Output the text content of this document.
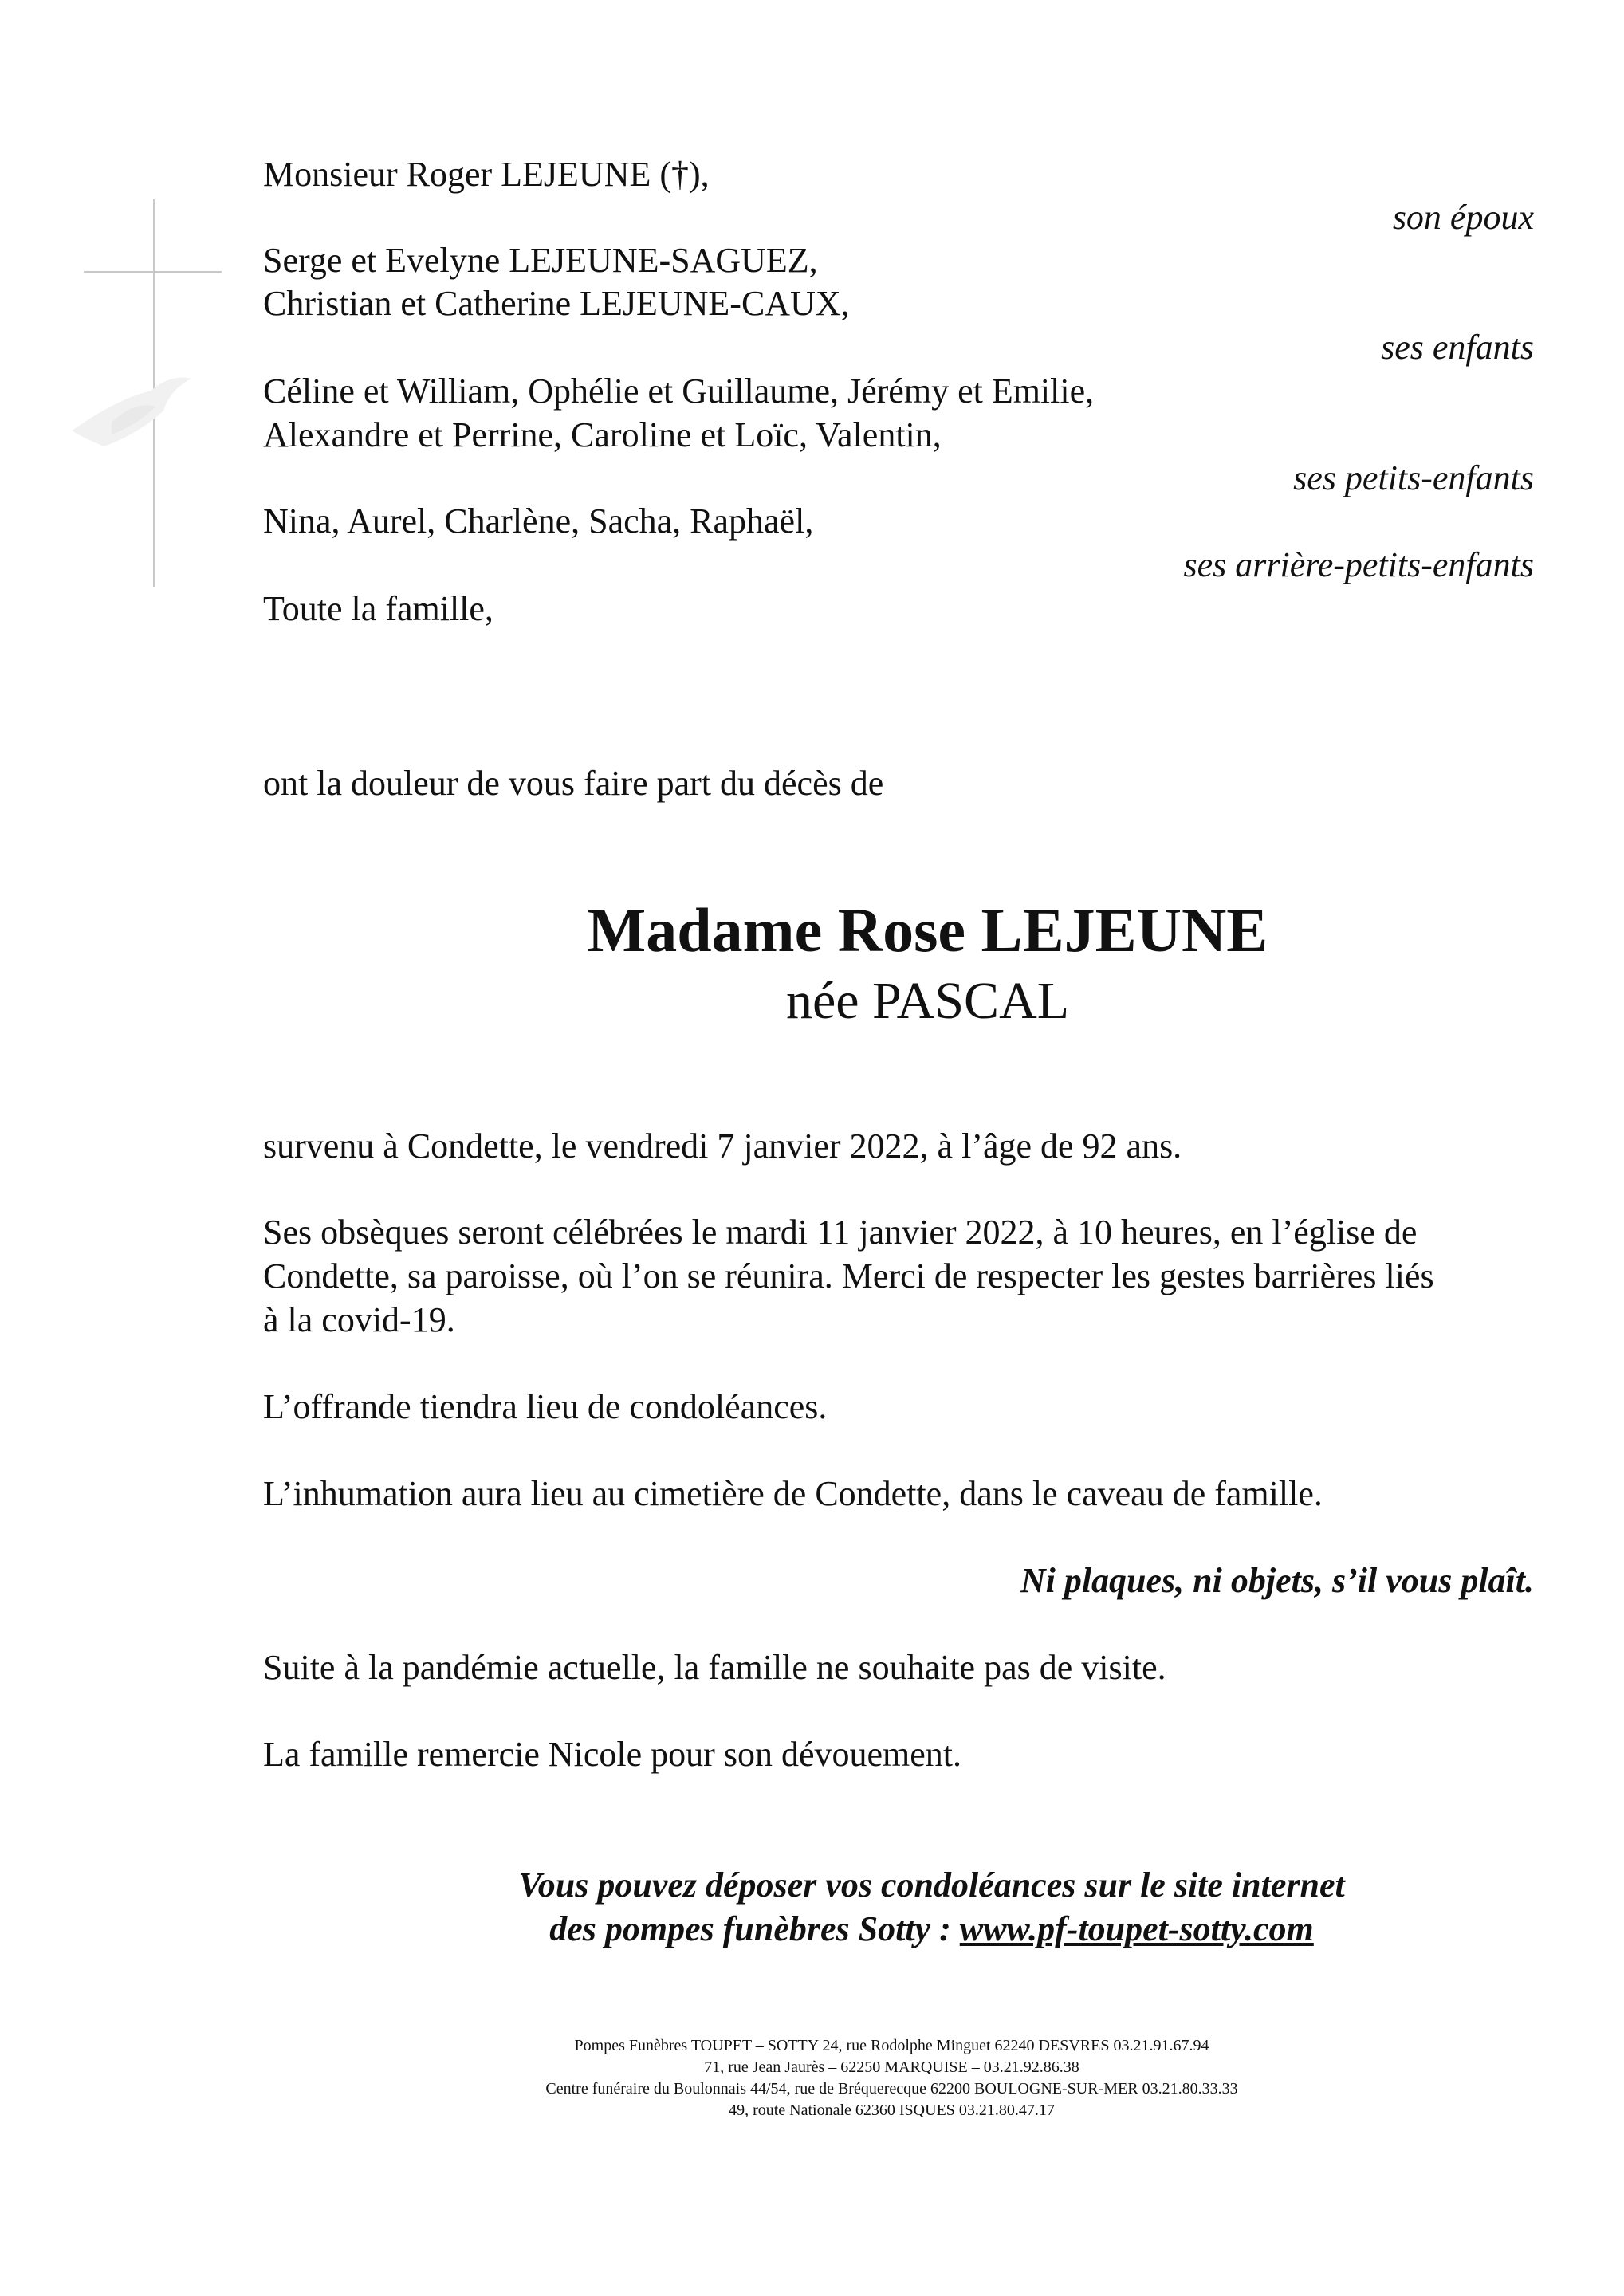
Monsieur Roger LEJEUNE (†),
son époux
Serge et Evelyne LEJEUNE-SAGUEZ,
Christian et Catherine LEJEUNE-CAUX,
ses enfants
Céline et William, Ophélie et Guillaume, Jérémy et Emilie,
Alexandre et Perrine, Caroline et Loïc, Valentin,
ses petits-enfants
Nina, Aurel, Charlène, Sacha, Raphaël,
ses arrière-petits-enfants
Toute la famille,
ont la douleur de vous faire part du décès de
Madame Rose LEJEUNE
née PASCAL
survenu à Condette, le vendredi 7 janvier 2022, à l’âge de 92 ans.
Ses obsèques seront célébrées le mardi 11 janvier 2022, à 10 heures, en l’église de
Condette, sa paroisse, où l’on se réunira. Merci de respecter les gestes barrières liés
à la covid-19.
L’offrande tiendra lieu de condoléances.
L’inhumation aura lieu au cimetière de Condette, dans le caveau de famille.
Ni plaques, ni objets, s’il vous plaît.
Suite à la pandémie actuelle, la famille ne souhaite pas de visite.
La famille remercie Nicole pour son dévouement.
Vous pouvez déposer vos condoléances sur le site internet
des pompes funèbres Sotty : www.pf-toupet-sotty.com
Pompes Funèbres TOUPET – SOTTY 24, rue Rodolphe Minguet 62240 DESVRES 03.21.91.67.94
71, rue Jean Jaurès – 62250 MARQUISE – 03.21.92.86.38
Centre funéraire du Boulonnais 44/54, rue de Bréquerecque 62200 BOULOGNE-SUR-MER 03.21.80.33.33
49, route Nationale 62360 ISQUES 03.21.80.47.17
